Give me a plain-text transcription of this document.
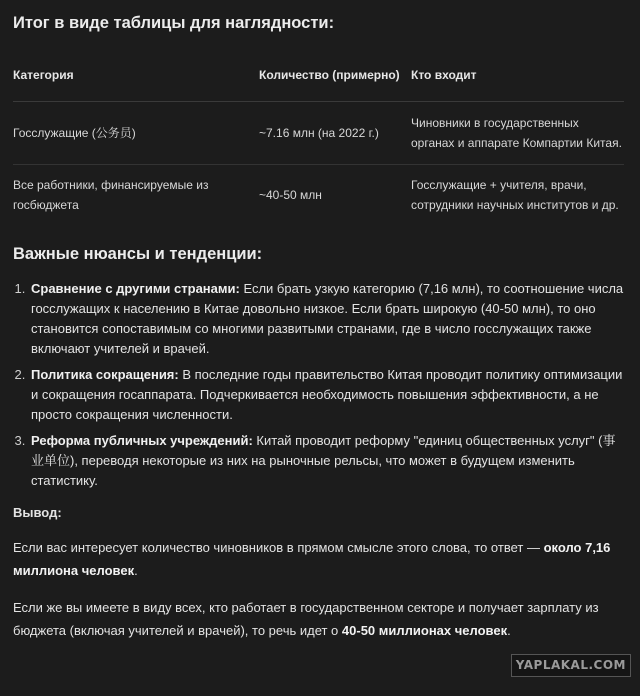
Итог в виде таблицы для наглядности:
Категория	Количество (примерно)	Кто входит
Госслужащие (公务员)	~7.16 млн (на 2022 г.)	Чиновники в государственных органах и аппарате Компартии Китая.
Все работники, финансируемые из госбюджета	~40-50 млн	Госслужащие + учителя, врачи, сотрудники научных институтов и др.
Важные нюансы и тенденции:
1. Сравнение с другими странами: Если брать узкую категорию (7,16 млн), то соотношение числа госслужащих к населению в Китае довольно низкое. Если брать широкую (40-50 млн), то оно становится сопоставимым со многими развитыми странами, где в число госслужащих также включают учителей и врачей.
2. Политика сокращения: В последние годы правительство Китая проводит политику оптимизации и сокращения госаппарата. Подчеркивается необходимость повышения эффективности, а не просто сокращения численности.
3. Реформа публичных учреждений: Китай проводит реформу "единиц общественных услуг" (事业单位), переводя некоторые из них на рыночные рельсы, что может в будущем изменить статистику.
Вывод:

Если вас интересует количество чиновников в прямом смысле этого слова, то ответ — около 7,16 миллиона человек.

Если же вы имеете в виду всех, кто работает в государственном секторе и получает зарплату из бюджета (включая учителей и врачей), то речь идет о 40-50 миллионах человек.

YAPLAKAL.COM
